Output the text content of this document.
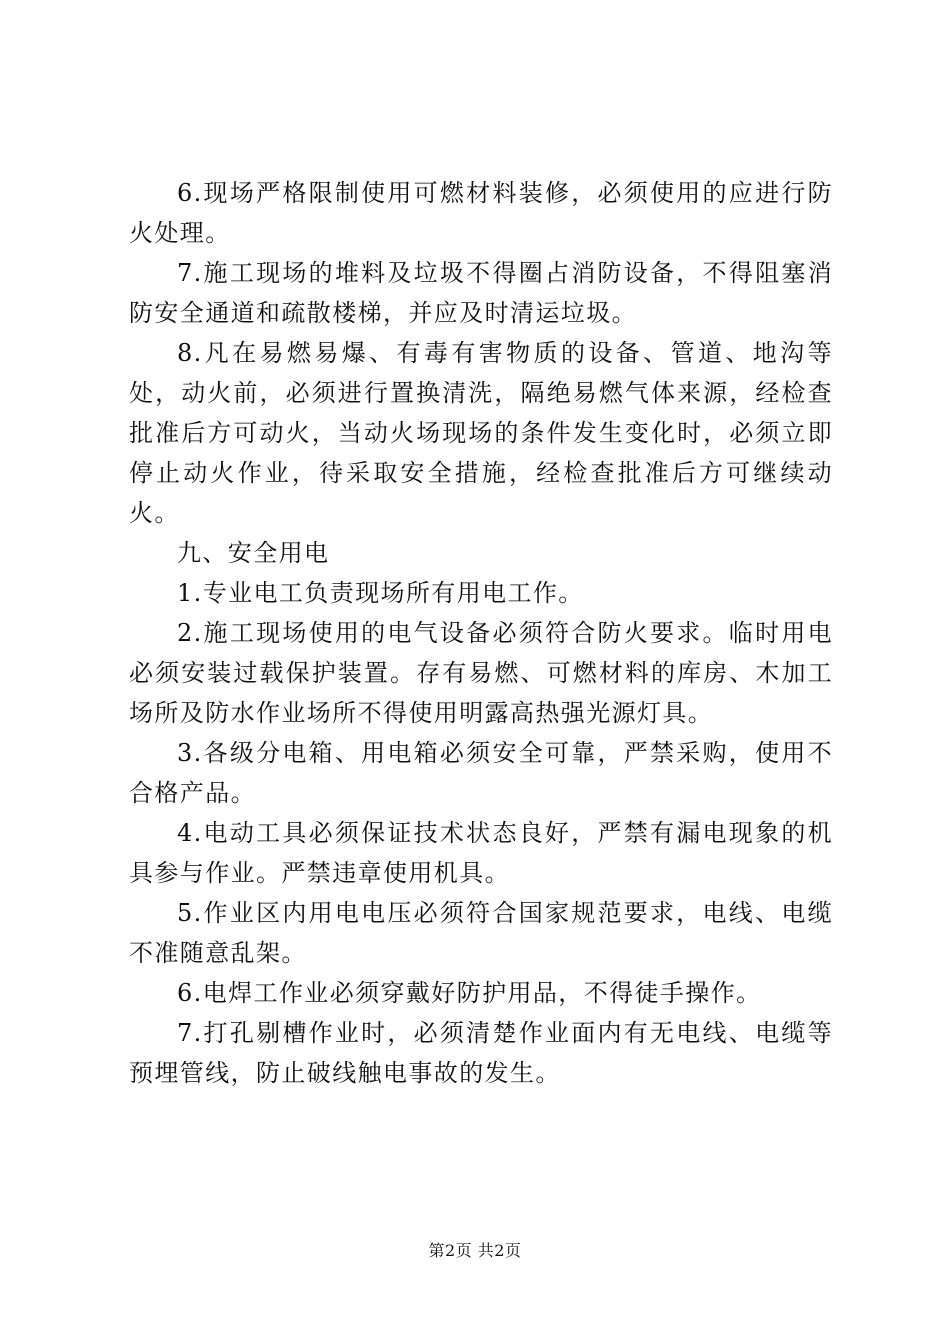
6.现场严格限制使用可燃材料装修，必须使用的应进行防火处理。

7.施工现场的堆料及垃圾不得圈占消防设备，不得阻塞消防安全通道和疏散楼梯，并应及时清运垃圾。

8.凡在易燃易爆、有毒有害物质的设备、管道、地沟等处，动火前，必须进行置换清洗，隔绝易燃气体来源，经检查批准后方可动火，当动火场现场的条件发生变化时，必须立即停止动火作业，待采取安全措施，经检查批准后方可继续动火。

九、安全用电

1.专业电工负责现场所有用电工作。

2.施工现场使用的电气设备必须符合防火要求。临时用电必须安装过载保护装置。存有易燃、可燃材料的库房、木加工场所及防水作业场所不得使用明露高热强光源灯具。

3.各级分电箱、用电箱必须安全可靠，严禁采购，使用不合格产品。

4.电动工具必须保证技术状态良好，严禁有漏电现象的机具参与作业。严禁违章使用机具。

5.作业区内用电电压必须符合国家规范要求，电线、电缆不准随意乱架。

6.电焊工作业必须穿戴好防护用品，不得徒手操作。

7.打孔剔槽作业时，必须清楚作业面内有无电线、电缆等预埋管线，防止破线触电事故的发生。

第2页 共2页
